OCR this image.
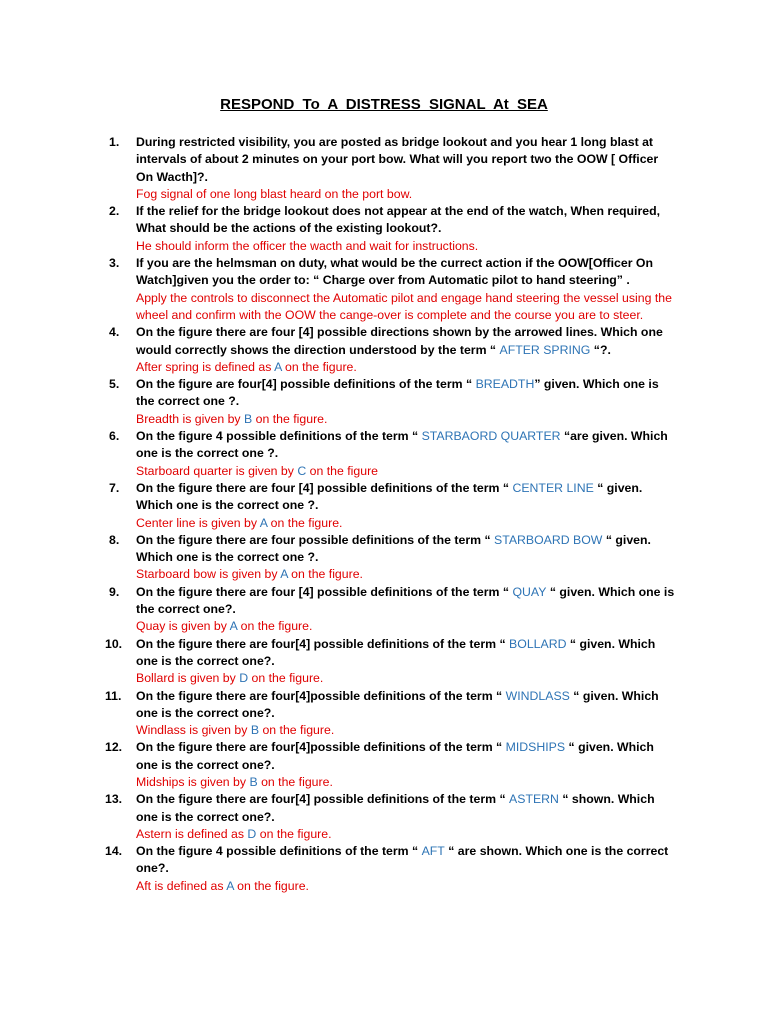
RESPOND To A DISTRESS SIGNAL At SEA
1. During restricted visibility, you are posted as bridge lookout and you hear 1 long blast at intervals of about 2 minutes on your port bow. What will you report two the OOW [ Officer On Wacth]?.

Fog signal of one long blast heard on the port bow.

2. If the relief for the bridge lookout does not appear at the end of the watch, When required, What should be the actions of the existing lookout?.

He should inform the officer the wacth and wait for instructions.

3. If you are the helmsman on duty, what would be the currect action if the OOW[Officer On Watch]given you the order to: “ Charge over from Automatic pilot to hand steering” .

Apply the controls to disconnect the Automatic pilot and engage hand steering the vessel using the wheel and confirm with the OOW the cange-over is complete and the course you are to steer.

4. On the figure there are four [4] possible directions shown by the arrowed lines. Which one would correctly shows the direction understood by the term “ AFTER SPRING “?.

After spring is defined as A on the figure.

5. On the figure are four[4] possible definitions of the term “ BREADTH” given. Which one is the correct one ?.

Breadth is given by B on the figure.

6. On the figure 4 possible definitions of the term “ STARBAORD QUARTER “are given. Which one is the correct one ?.

Starboard quarter is given by C on the figure

7. On the figure there are four [4] possible definitions of the term “ CENTER LINE “ given. Which one is the correct one ?.

Center line is given by A on the figure.

8. On the figure there are four possible definitions of the term “ STARBOARD BOW “ given. Which one is the correct one ?.

Starboard bow is given by A on the figure.

9. On the figure there are four [4] possible definitions of the term “ QUAY “ given. Which one is the correct one?.

Quay is given by A on the figure.

10. On the figure there are four[4] possible definitions of the term “ BOLLARD “ given. Which one is the correct one?.

Bollard is given by D on the figure.

11. On the figure there are four[4]possible definitions of the term “ WINDLASS “ given. Which one is the correct one?.

Windlass is given by B on the figure.

12. On the figure there are four[4]possible definitions of the term “ MIDSHIPS “ given. Which one is the correct one?.

Midships is given by B on the figure.

13. On the figure there are four[4] possible definitions of the term “ ASTERN “ shown. Which one is the correct one?.

Astern is defined as D on the figure.

14. On the figure 4 possible definitions of the term “ AFT “ are shown. Which one is the correct one?.

Aft is defined as A on the figure.
